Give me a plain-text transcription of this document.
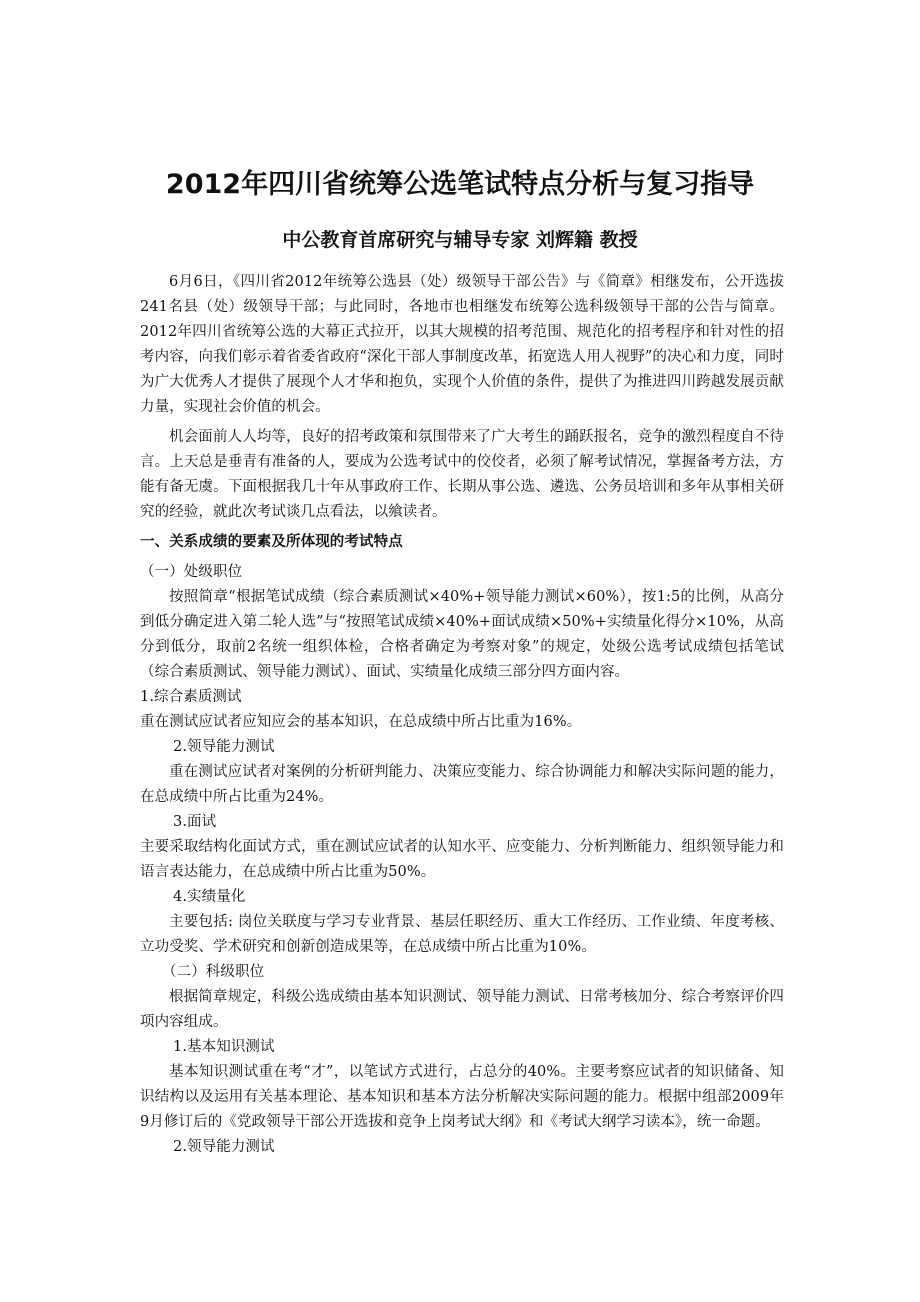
2012年四川省统筹公选笔试特点分析与复习指导
中公教育首席研究与辅导专家 刘辉籍 教授

6月6日，《四川省2012年统筹公选县（处）级领导干部公告》与《简章》相继发布，公开选拔241名县（处）级领导干部；与此同时，各地市也相继发布统筹公选科级领导干部的公告与简章。2012年四川省统筹公选的大幕正式拉开，以其大规模的招考范围、规范化的招考程序和针对性的招考内容，向我们彰示着省委省政府“深化干部人事制度改革，拓宽选人用人视野”的决心和力度，同时为广大优秀人才提供了展现个人才华和抱负，实现个人价值的条件，提供了为推进四川跨越发展贡献力量，实现社会价值的机会。

机会面前人人均等，良好的招考政策和氛围带来了广大考生的踊跃报名，竞争的激烈程度自不待言。上天总是垂青有准备的人，要成为公选考试中的佼佼者，必须了解考试情况，掌握备考方法，方能有备无虞。下面根据我几十年从事政府工作、长期从事公选、遴选、公务员培训和多年从事相关研究的经验，就此次考试谈几点看法，以飨读者。

一、关系成绩的要素及所体现的考试特点

（一）处级职位

按照简章“根据笔试成绩（综合素质测试×40%+领导能力测试×60%），按1:5的比例，从高分到低分确定进入第二轮人选”与“按照笔试成绩×40%+面试成绩×50%+实绩量化得分×10%，从高分到低分，取前2名统一组织体检，合格者确定为考察对象”的规定，处级公选考试成绩包括笔试（综合素质测试、领导能力测试）、面试、实绩量化成绩三部分四方面内容。

1.综合素质测试

重在测试应试者应知应会的基本知识，在总成绩中所占比重为16%。

2.领导能力测试

重在测试应试者对案例的分析研判能力、决策应变能力、综合协调能力和解决实际问题的能力，在总成绩中所占比重为24%。

3.面试

主要采取结构化面试方式，重在测试应试者的认知水平、应变能力、分析判断能力、组织领导能力和语言表达能力，在总成绩中所占比重为50%。

4.实绩量化

主要包括: 岗位关联度与学习专业背景、基层任职经历、重大工作经历、工作业绩、年度考核、立功受奖、学术研究和创新创造成果等，在总成绩中所占比重为10%。

（二）科级职位

根据简章规定，科级公选成绩由基本知识测试、领导能力测试、日常考核加分、综合考察评价四项内容组成。

1.基本知识测试

基本知识测试重在考“才”，以笔试方式进行，占总分的40%。主要考察应试者的知识储备、知识结构以及运用有关基本理论、基本知识和基本方法分析解决实际问题的能力。根据中组部2009年9月修订后的《党政领导干部公开选拔和竞争上岗考试大纲》和《考试大纲学习读本》，统一命题。

2.领导能力测试
